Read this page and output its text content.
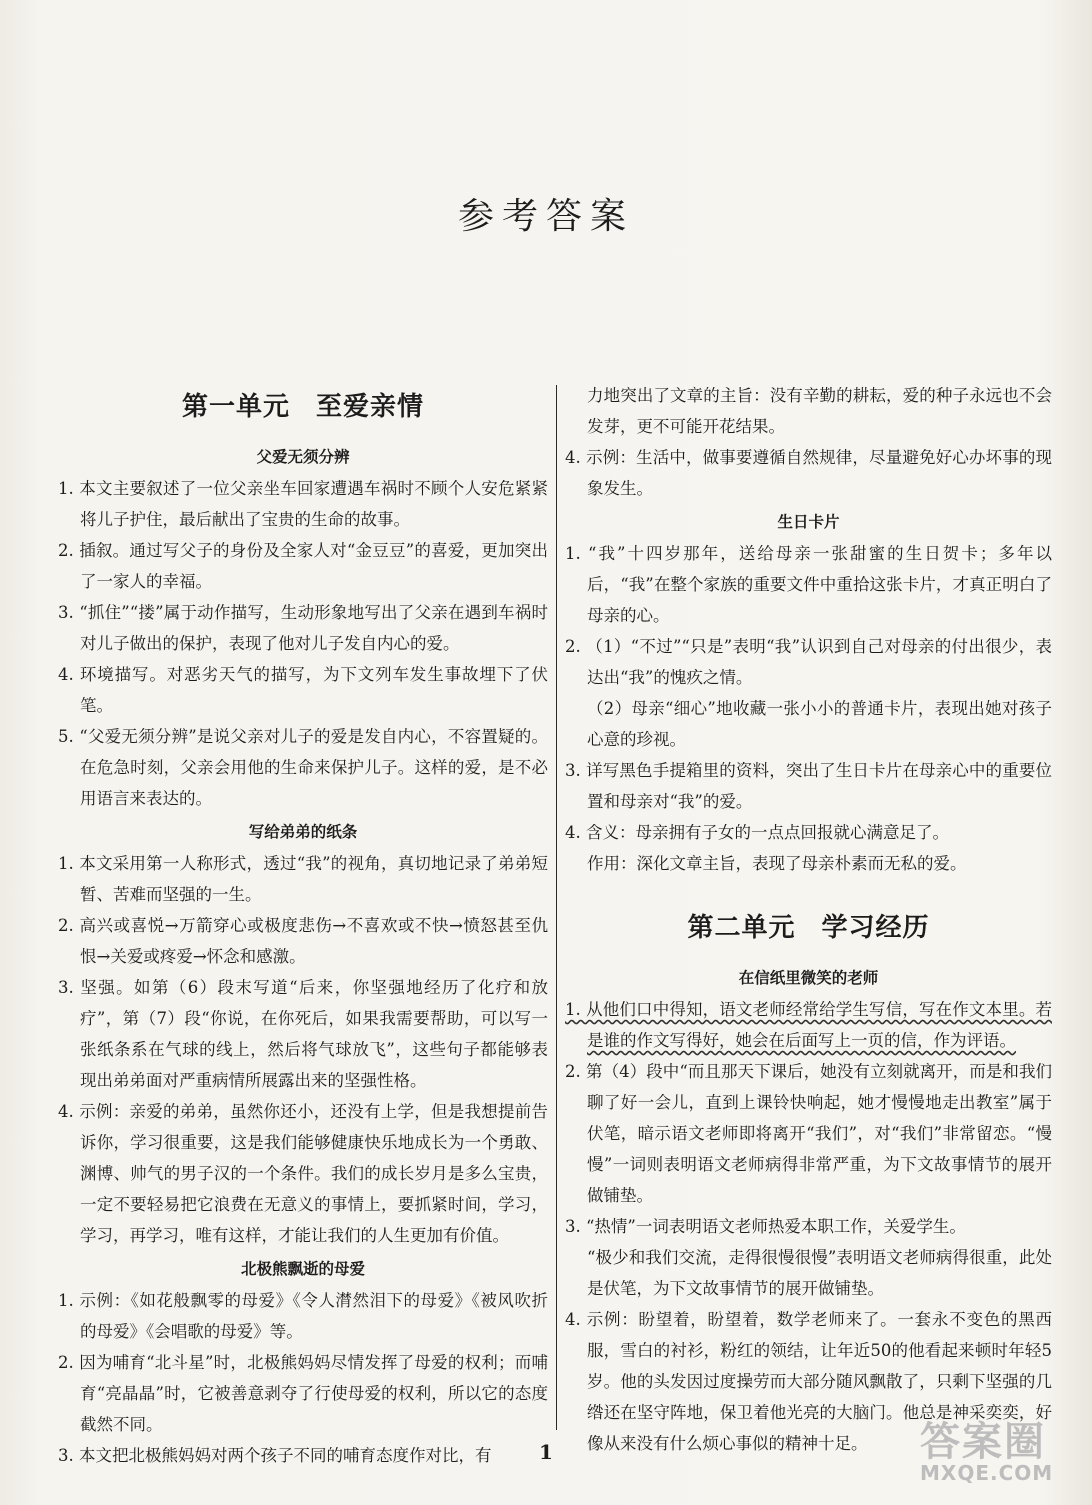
参考答案
第一单元 至爱亲情
父爱无须分辨

1. 本文主要叙述了一位父亲坐车回家遭遇车祸时不顾个人安危紧紧将儿子护住，最后献出了宝贵的生命的故事。

2. 插叙。通过写父子的身份及全家人对“金豆豆”的喜爱，更加突出了一家人的幸福。

3. “抓住”“搂”属于动作描写，生动形象地写出了父亲在遇到车祸时对儿子做出的保护，表现了他对儿子发自内心的爱。

4. 环境描写。对恶劣天气的描写，为下文列车发生事故埋下了伏笔。

5. “父爱无须分辨”是说父亲对儿子的爱是发自内心，不容置疑的。在危急时刻，父亲会用他的生命来保护儿子。这样的爱，是不必用语言来表达的。

写给弟弟的纸条

1. 本文采用第一人称形式，透过“我”的视角，真切地记录了弟弟短暂、苦难而坚强的一生。

2. 高兴或喜悦→万箭穿心或极度悲伤→不喜欢或不快→愤怒甚至仇恨→关爱或疼爱→怀念和感激。

3. 坚强。如第（6）段末写道“后来，你坚强地经历了化疗和放疗”，第（7）段“你说，在你死后，如果我需要帮助，可以写一张纸条系在气球的线上，然后将气球放飞”，这些句子都能够表现出弟弟面对严重病情所展露出来的坚强性格。

4. 示例：亲爱的弟弟，虽然你还小，还没有上学，但是我想提前告诉你，学习很重要，这是我们能够健康快乐地成长为一个勇敢、渊博、帅气的男子汉的一个条件。我们的成长岁月是多么宝贵，一定不要轻易把它浪费在无意义的事情上，要抓紧时间，学习，学习，再学习，唯有这样，才能让我们的人生更加有价值。

北极熊飘逝的母爱

1. 示例：《如花般飘零的母爱》《令人潸然泪下的母爱》《被风吹折的母爱》《会唱歌的母爱》等。

2. 因为哺育“北斗星”时，北极熊妈妈尽情发挥了母爱的权利；而哺育“亮晶晶”时，它被善意剥夺了行使母爱的权利，所以它的态度截然不同。

3. 本文把北极熊妈妈对两个孩子不同的哺育态度作对比，有

力地突出了文章的主旨：没有辛勤的耕耘，爱的种子永远也不会发芽，更不可能开花结果。

4. 示例：生活中，做事要遵循自然规律，尽量避免好心办坏事的现象发生。

生日卡片

1. “我”十四岁那年，送给母亲一张甜蜜的生日贺卡；多年以后，“我”在整个家族的重要文件中重拾这张卡片，才真正明白了母亲的心。

2. （1）“不过”“只是”表明“我”认识到自己对母亲的付出很少，表达出“我”的愧疚之情。

（2）母亲“细心”地收藏一张小小的普通卡片，表现出她对孩子心意的珍视。

3. 详写黑色手提箱里的资料，突出了生日卡片在母亲心中的重要位置和母亲对“我”的爱。

4. 含义：母亲拥有子女的一点点回报就心满意足了。

作用：深化文章主旨，表现了母亲朴素而无私的爱。

第二单元 学习经历
在信纸里微笑的老师

1. 从他们口中得知，语文老师经常给学生写信，写在作文本里。若是谁的作文写得好，她会在后面写上一页的信，作为评语。

2. 第（4）段中“而且那天下课后，她没有立刻就离开，而是和我们聊了好一会儿，直到上课铃快响起，她才慢慢地走出教室”属于伏笔，暗示语文老师即将离开“我们”，对“我们”非常留恋。“慢慢”一词则表明语文老师病得非常严重，为下文故事情节的展开做铺垫。

3. “热情”一词表明语文老师热爱本职工作，关爱学生。

“极少和我们交流，走得很慢很慢”表明语文老师病得很重，此处是伏笔，为下文故事情节的展开做铺垫。

4. 示例：盼望着，盼望着，数学老师来了。一套永不变色的黑西服，雪白的衬衫，粉红的领结，让年近50的他看起来顿时年轻5岁。他的头发因过度操劳而大部分随风飘散了，只剩下坚强的几绺还在坚守阵地，保卫着他光亮的大脑门。他总是神采奕奕，好像从来没有什么烦心事似的精神十足。

1	答案圈
MXQE.COM
